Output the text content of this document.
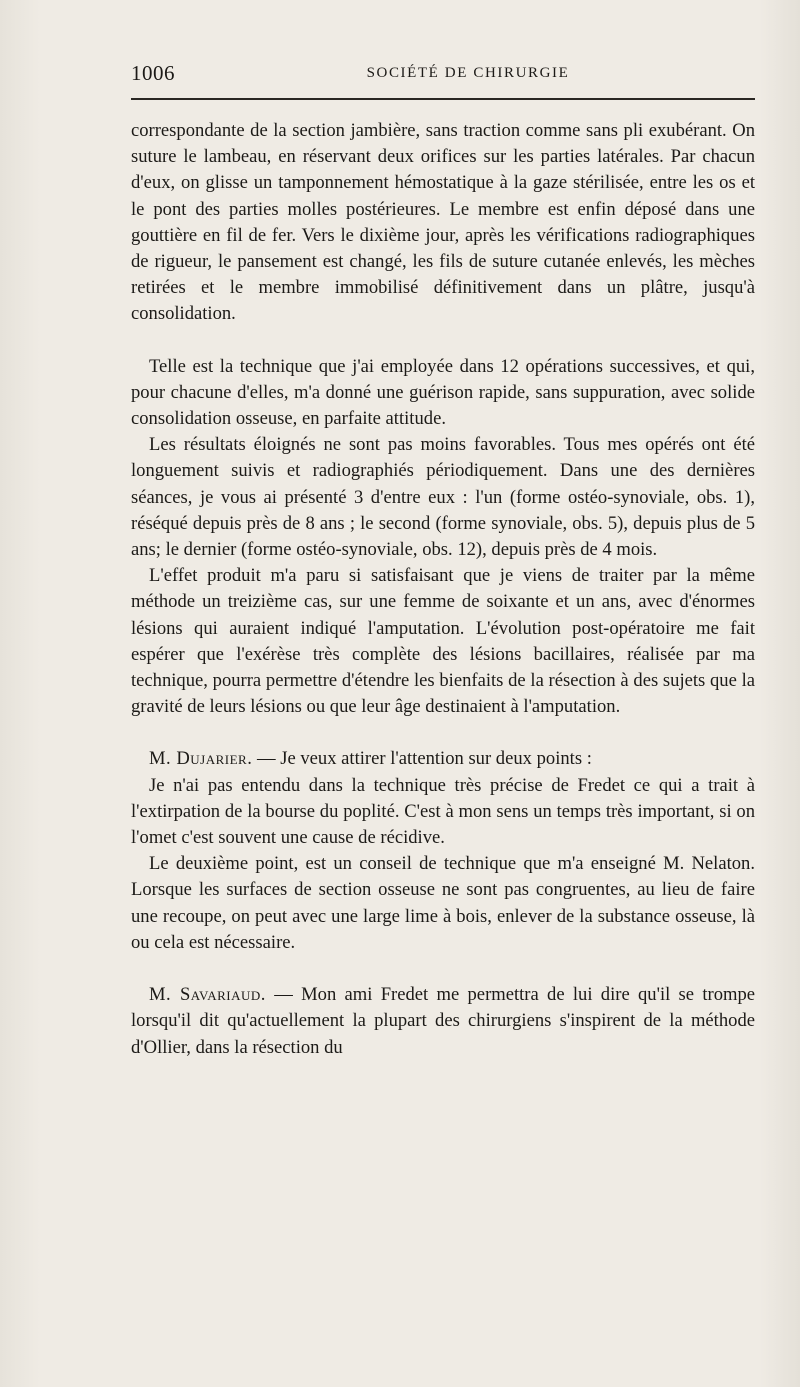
1006	SOCIÉTÉ DE CHIRURGIE

correspondante de la section jambière, sans traction comme sans pli exubérant. On suture le lambeau, en réservant deux orifices sur les parties latérales. Par chacun d'eux, on glisse un tamponnement hémostatique à la gaze stérilisée, entre les os et le pont des parties molles postérieures. Le membre est enfin déposé dans une gouttière en fil de fer. Vers le dixième jour, après les vérifications radiographiques de rigueur, le pansement est changé, les fils de suture cutanée enlevés, les mèches retirées et le membre immobilisé définitivement dans un plâtre, jusqu'à consolidation.

Telle est la technique que j'ai employée dans 12 opérations successives, et qui, pour chacune d'elles, m'a donné une guérison rapide, sans suppuration, avec solide consolidation osseuse, en parfaite attitude.

Les résultats éloignés ne sont pas moins favorables. Tous mes opérés ont été longuement suivis et radiographiés périodiquement. Dans une des dernières séances, je vous ai présenté 3 d'entre eux : l'un (forme ostéo-synoviale, obs. 1), réséqué depuis près de 8 ans ; le second (forme synoviale, obs. 5), depuis plus de 5 ans; le dernier (forme ostéo-synoviale, obs. 12), depuis près de 4 mois.

L'effet produit m'a paru si satisfaisant que je viens de traiter par la même méthode un treizième cas, sur une femme de soixante et un ans, avec d'énormes lésions qui auraient indiqué l'amputation. L'évolution post-opératoire me fait espérer que l'exérèse très complète des lésions bacillaires, réalisée par ma technique, pourra permettre d'étendre les bienfaits de la résection à des sujets que la gravité de leurs lésions ou que leur âge destinaient à l'amputation.

M. Dujarier. — Je veux attirer l'attention sur deux points :

Je n'ai pas entendu dans la technique très précise de Fredet ce qui a trait à l'extirpation de la bourse du poplité. C'est à mon sens un temps très important, si on l'omet c'est souvent une cause de récidive.

Le deuxième point, est un conseil de technique que m'a enseigné M. Nelaton. Lorsque les surfaces de section osseuse ne sont pas congruentes, au lieu de faire une recoupe, on peut avec une large lime à bois, enlever de la substance osseuse, là ou cela est nécessaire.

M. Savariaud. — Mon ami Fredet me permettra de lui dire qu'il se trompe lorsqu'il dit qu'actuellement la plupart des chirurgiens s'inspirent de la méthode d'Ollier, dans la résection du
